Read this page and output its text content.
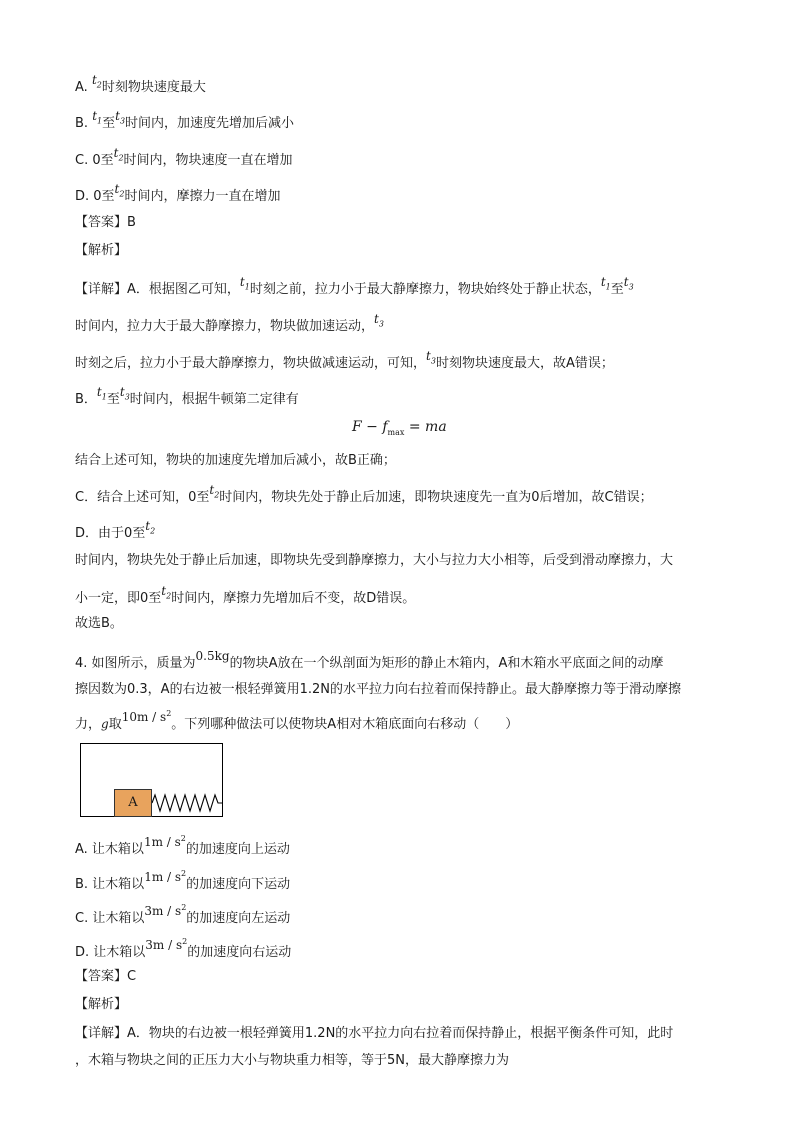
A. $t_2$时刻物块速度最大
B. $t_1$至$t_3$时间内，加速度先增加后减小
C. 0至$t_2$时间内，物块速度一直在增加
D. 0至$t_2$时间内，摩擦力一直在增加
【答案】B
【解析】
【详解】A．根据图乙可知，$t_1$时刻之前，拉力小于最大静摩擦力，物块始终处于静止状态，$t_1$至$t_3$
时间内，拉力大于最大静摩擦力，物块做加速运动，$t_3$
时刻之后，拉力小于最大静摩擦力，物块做减速运动，可知，$t_3$时刻物块速度最大，故A错误；
B．$t_1$至$t_3$时间内，根据牛顿第二定律有
$F - f_{max}$ = ma
结合上述可知，物块的加速度先增加后减小，故B正确；
C．结合上述可知，0至$t_2$时间内，物块先处于静止后加速，即物块速度先一直为0后增加，故C错误；
D．由于0至$t_2$
时间内，物块先处于静止后加速，即物块先受到静摩擦力，大小与拉力大小相等，后受到滑动摩擦力，大
小一定，即0至$t_2$时间内，摩擦力先增加后不变，故D错误。
故选B。
4. 如图所示，质量为0.5kg的物块A放在一个纵剖面为矩形的静止木箱内，A和木箱水平底面之间的动摩
擦因数为0.3，A的右边被一根轻弹簧用1.2N的水平拉力向右拉着而保持静止。最大静摩擦力等于滑动摩擦
力，g取$10m / s^2$。下列哪种做法可以使物块A相对木箱底面向右移动（　　）
A
A. 让木箱以$1m / s^2$的加速度向上运动
B. 让木箱以$1m / s^2$的加速度向下运动
C. 让木箱以$3m / s^2$的加速度向左运动
D. 让木箱以$3m / s^2$的加速度向右运动
【答案】C
【解析】
【详解】A．物块的右边被一根轻弹簧用1.2N的水平拉力向右拉着而保持静止，根据平衡条件可知，此时
，木箱与物块之间的正压力大小与物块重力相等，等于5N，最大静摩擦力为
